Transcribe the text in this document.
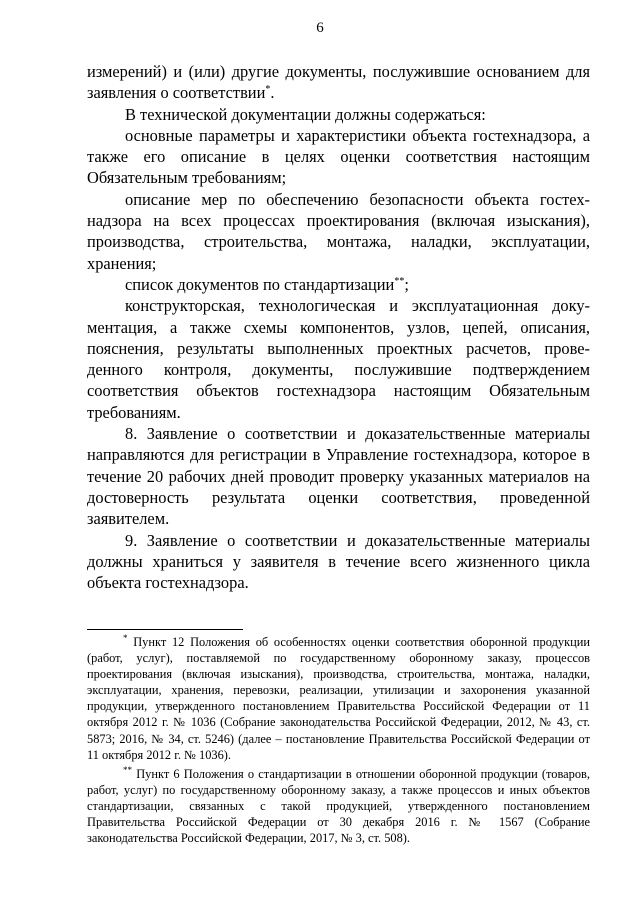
6

измерений) и (или) другие документы, послужившие основанием для заявления о соответствии*.

В технической документации должны содержаться:

основные параметры и характеристики объекта гостехнадзора, а также его описание в целях оценки соответствия настоящим Обязательным требованиям;

описание мер по обеспечению безопасности объекта гостехнадзора на всех процессах проектирования (включая изыскания), производства, строительства, монтажа, наладки, эксплуатации, хранения;

список документов по стандартизации**;

конструкторская, технологическая и эксплуатационная документация, а также схемы компонентов, узлов, цепей, описания, пояснения, результаты выполненных проектных расчетов, проведенного контроля, документы, послужившие подтверждением соответствия объектов гостехнадзора настоящим Обязательным требованиям.

8. Заявление о соответствии и доказательственные материалы направляются для регистрации в Управление гостехнадзора, которое в течение 20 рабочих дней проводит проверку указанных материалов на достоверность результата оценки соответствия, проведенной заявителем.

9. Заявление о соответствии и доказательственные материалы должны храниться у заявителя в течение всего жизненного цикла объекта гостехнадзора.

* Пункт 12 Положения об особенностях оценки соответствия оборонной продукции (работ, услуг), поставляемой по государственному оборонному заказу, процессов проектирования (включая изыскания), производства, строительства, монтажа, наладки, эксплуатации, хранения, перевозки, реализации, утилизации и захоронения указанной продукции, утвержденного постановлением Правительства Российской Федерации от 11 октября 2012 г. № 1036 (Собрание законодательства Российской Федерации, 2012, № 43, ст. 5873; 2016, № 34, ст. 5246) (далее – постановление Правительства Российской Федерации от 11 октября 2012 г. № 1036).

** Пункт 6 Положения о стандартизации в отношении оборонной продукции (товаров, работ, услуг) по государственному оборонному заказу, а также процессов и иных объектов стандартизации, связанных с такой продукцией, утвержденного постановлением Правительства Российской Федерации от 30 декабря 2016 г. № 1567 (Собрание законодательства Российской Федерации, 2017, № 3, ст. 508).
